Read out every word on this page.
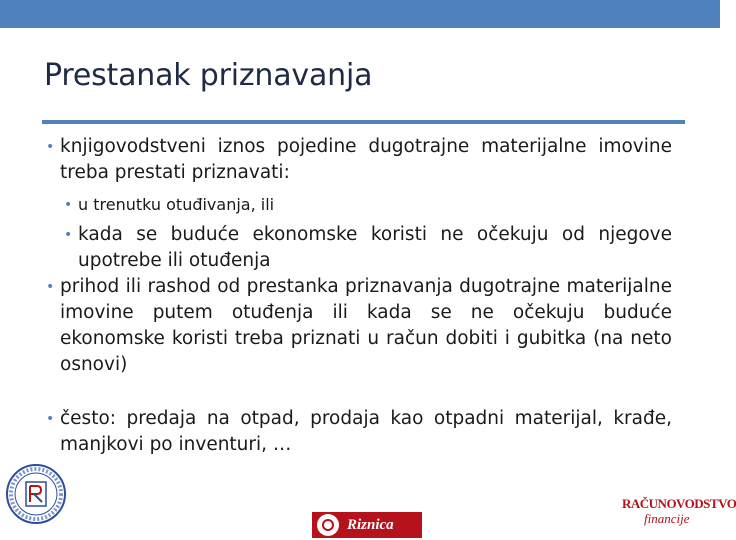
Prestanak priznavanja

• knjigovodstveni iznos pojedine dugotrajne materijalne imovine treba prestati priznavati:

• u trenutku otuđivanja, ili

• kada se buduće ekonomske koristi ne očekuju od njegove upotrebe ili otuđenja

• prihod ili rashod od prestanka priznavanja dugotrajne materijalne imovine putem otuđenja ili kada se ne očekuju buduće ekonomske koristi treba priznati u račun dobiti i gubitka (na neto osnovi)

• često: predaja na otpad, prodaja kao otpadni materijal, krađe, manjkovi po inventuri, …

Riznica
RAČUNOVODSTVO
financije
